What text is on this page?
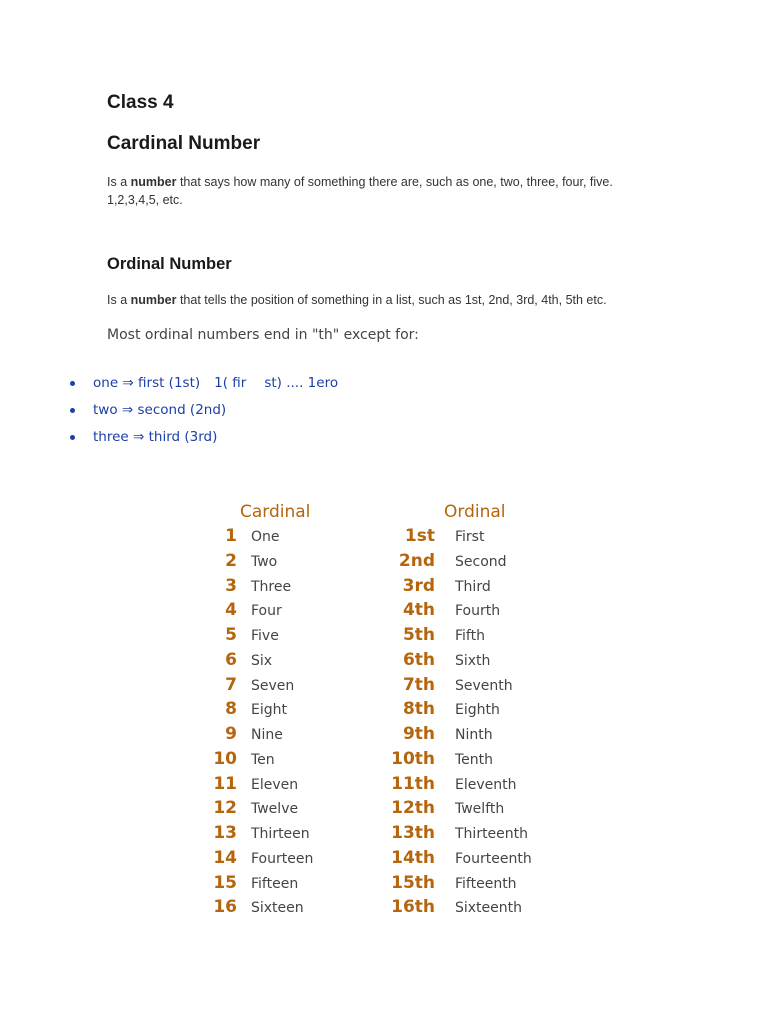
Class 4
Cardinal Number

Is a number that says how many of something there are, such as one, two, three, four, five. 1,2,3,4,5, etc.

Ordinal Number

Is a number that tells the position of something in a list, such as 1st, 2nd, 3rd, 4th, 5th etc.

Most ordinal numbers end in "th" except for:
one ⇒ first (1st) 1( fir st) .... 1ero
two ⇒ second (2nd)
three ⇒ third (3rd)
Cardinal	Ordinal
1 One	1st First
2 Two	2nd Second
3 Three	3rd Third
4 Four	4th Fourth
5 Five	5th Fifth
6 Six	6th Sixth
7 Seven	7th Seventh
8 Eight	8th Eighth
9 Nine	9th Ninth
10 Ten	10th Tenth
11 Eleven	11th Eleventh
12 Twelve	12th Twelfth
13 Thirteen	13th Thirteenth
14 Fourteen	14th Fourteenth
15 Fifteen	15th Fifteenth
16 Sixteen	16th Sixteenth
